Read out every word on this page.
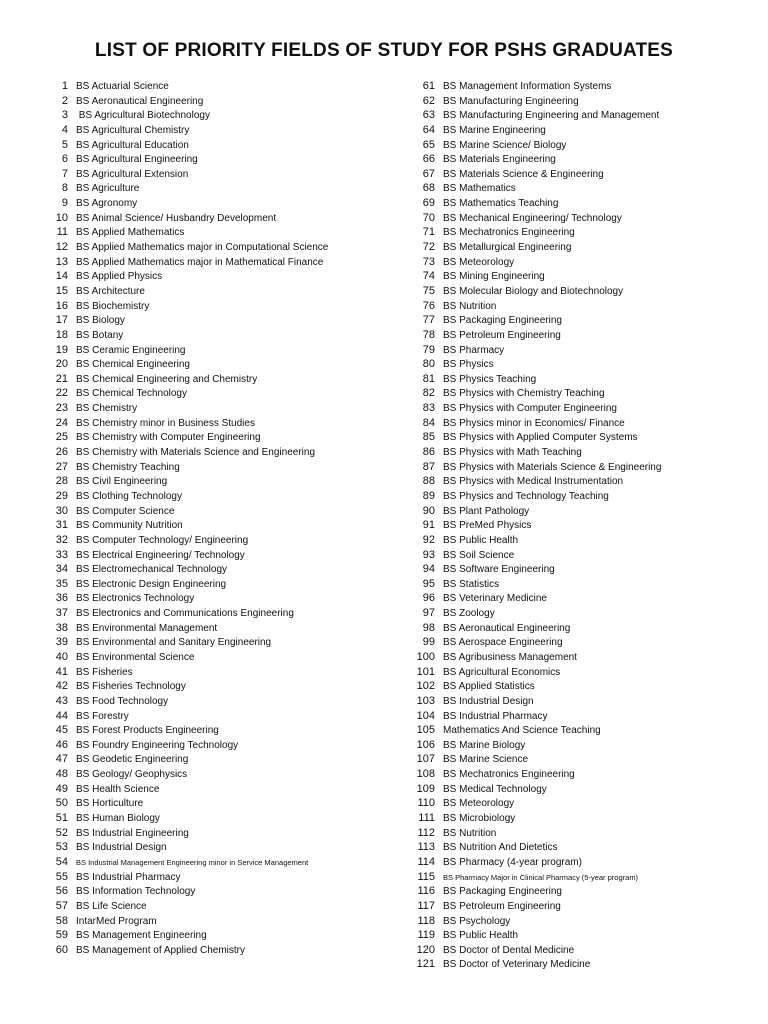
LIST OF PRIORITY FIELDS OF STUDY FOR PSHS GRADUATES
1 BS Actuarial Science
2 BS Aeronautical Engineering
3 BS Agricultural Biotechnology
4 BS Agricultural Chemistry
5 BS Agricultural Education
6 BS Agricultural Engineering
7 BS Agricultural Extension
8 BS Agriculture
9 BS Agronomy
10 BS Animal Science/ Husbandry Development
11 BS Applied Mathematics
12 BS Applied Mathematics major in Computational Science
13 BS Applied Mathematics major in Mathematical Finance
14 BS Applied Physics
15 BS Architecture
16 BS Biochemistry
17 BS Biology
18 BS Botany
19 BS Ceramic Engineering
20 BS Chemical Engineering
21 BS Chemical Engineering and Chemistry
22 BS Chemical Technology
23 BS Chemistry
24 BS Chemistry minor in Business Studies
25 BS Chemistry with Computer Engineering
26 BS Chemistry with Materials Science and Engineering
27 BS Chemistry Teaching
28 BS Civil Engineering
29 BS Clothing Technology
30 BS Computer Science
31 BS Community Nutrition
32 BS Computer Technology/ Engineering
33 BS Electrical Engineering/ Technology
34 BS Electromechanical Technology
35 BS Electronic Design Engineering
36 BS Electronics Technology
37 BS Electronics and Communications Engineering
38 BS Environmental Management
39 BS Environmental and Sanitary Engineering
40 BS Environmental Science
41 BS Fisheries
42 BS Fisheries Technology
43 BS Food Technology
44 BS Forestry
45 BS Forest Products Engineering
46 BS Foundry Engineering Technology
47 BS Geodetic Engineering
48 BS Geology/ Geophysics
49 BS Health Science
50 BS Horticulture
51 BS Human Biology
52 BS Industrial Engineering
53 BS Industrial Design
54 BS Industrial Management Engineering minor in Service Management
55 BS Industrial Pharmacy
56 BS Information Technology
57 BS Life Science
58 IntarMed Program
59 BS Management Engineering
60 BS Management of Applied Chemistry
61 BS Management Information Systems
62 BS Manufacturing Engineering
63 BS Manufacturing Engineering and Management
64 BS Marine Engineering
65 BS Marine Science/ Biology
66 BS Materials Engineering
67 BS Materials Science & Engineering
68 BS Mathematics
69 BS Mathematics Teaching
70 BS Mechanical Engineering/ Technology
71 BS Mechatronics Engineering
72 BS Metallurgical Engineering
73 BS Meteorology
74 BS Mining Engineering
75 BS Molecular Biology and Biotechnology
76 BS Nutrition
77 BS Packaging Engineering
78 BS Petroleum Engineering
79 BS Pharmacy
80 BS Physics
81 BS Physics Teaching
82 BS Physics with Chemistry Teaching
83 BS Physics with Computer Engineering
84 BS Physics minor in Economics/ Finance
85 BS Physics with Applied Computer Systems
86 BS Physics with Math Teaching
87 BS Physics with Materials Science & Engineering
88 BS Physics with Medical Instrumentation
89 BS Physics and Technology Teaching
90 BS Plant Pathology
91 BS PreMed Physics
92 BS Public Health
93 BS Soil Science
94 BS Software Engineering
95 BS Statistics
96 BS Veterinary Medicine
97 BS Zoology
98 BS Aeronautical Engineering
99 BS Aerospace Engineering
100 BS Agribusiness Management
101 BS Agricultural Economics
102 BS Applied Statistics
103 BS Industrial Design
104 BS Industrial Pharmacy
105 Mathematics And Science Teaching
106 BS Marine Biology
107 BS Marine Science
108 BS Mechatronics Engineering
109 BS Medical Technology
110 BS Meteorology
111 BS Microbiology
112 BS Nutrition
113 BS Nutrition And Dietetics
114 BS Pharmacy (4-year program)
115 BS Pharmacy Major in Clinical Pharmacy (5-year program)
116 BS Packaging Engineering
117 BS Petroleum Engineering
118 BS Psychology
119 BS Public Health
120 BS Doctor of Dental Medicine
121 BS Doctor of Veterinary Medicine
